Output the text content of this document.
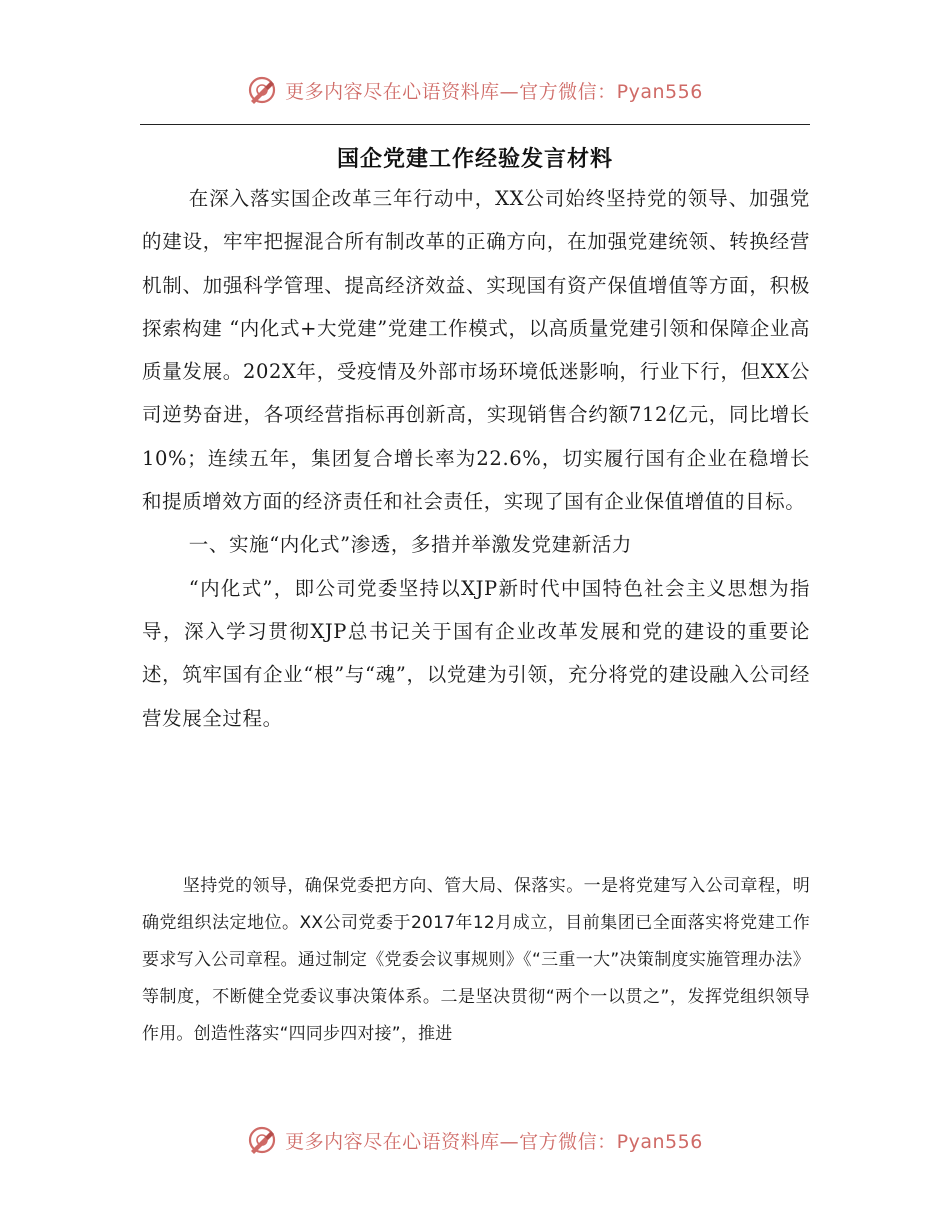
更多内容尽在心语资料库—官方微信：Pyan556
国企党建工作经验发言材料

在深入落实国企改革三年行动中，XX公司始终坚持党的领导、加强党的建设，牢牢把握混合所有制改革的正确方向，在加强党建统领、转换经营机制、加强科学管理、提高经济效益、实现国有资产保值增值等方面，积极探索构建 “内化式+大党建”党建工作模式，以高质量党建引领和保障企业高质量发展。202X年，受疫情及外部市场环境低迷影响，行业下行，但XX公司逆势奋进，各项经营指标再创新高，实现销售合约额712亿元，同比增长10%；连续五年，集团复合增长率为22.6%，切实履行国有企业在稳增长和提质增效方面的经济责任和社会责任，实现了国有企业保值增值的目标。

一、实施“内化式”渗透，多措并举激发党建新活力

“内化式”，即公司党委坚持以XJP新时代中国特色社会主义思想为指导，深入学习贯彻XJP总书记关于国有企业改革发展和党的建设的重要论述，筑牢国有企业“根”与“魂”，以党建为引领，充分将党的建设融入公司经营发展全过程。

坚持党的领导，确保党委把方向、管大局、保落实。一是将党建写入公司章程，明确党组织法定地位。XX公司党委于2017年12月成立，目前集团已全面落实将党建工作要求写入公司章程。通过制定《党委会议事规则》《“三重一大”决策制度实施管理办法》等制度，不断健全党委议事决策体系。二是坚决贯彻“两个一以贯之”，发挥党组织领导作用。创造性落实“四同步四对接”，推进

更多内容尽在心语资料库—官方微信：Pyan556
